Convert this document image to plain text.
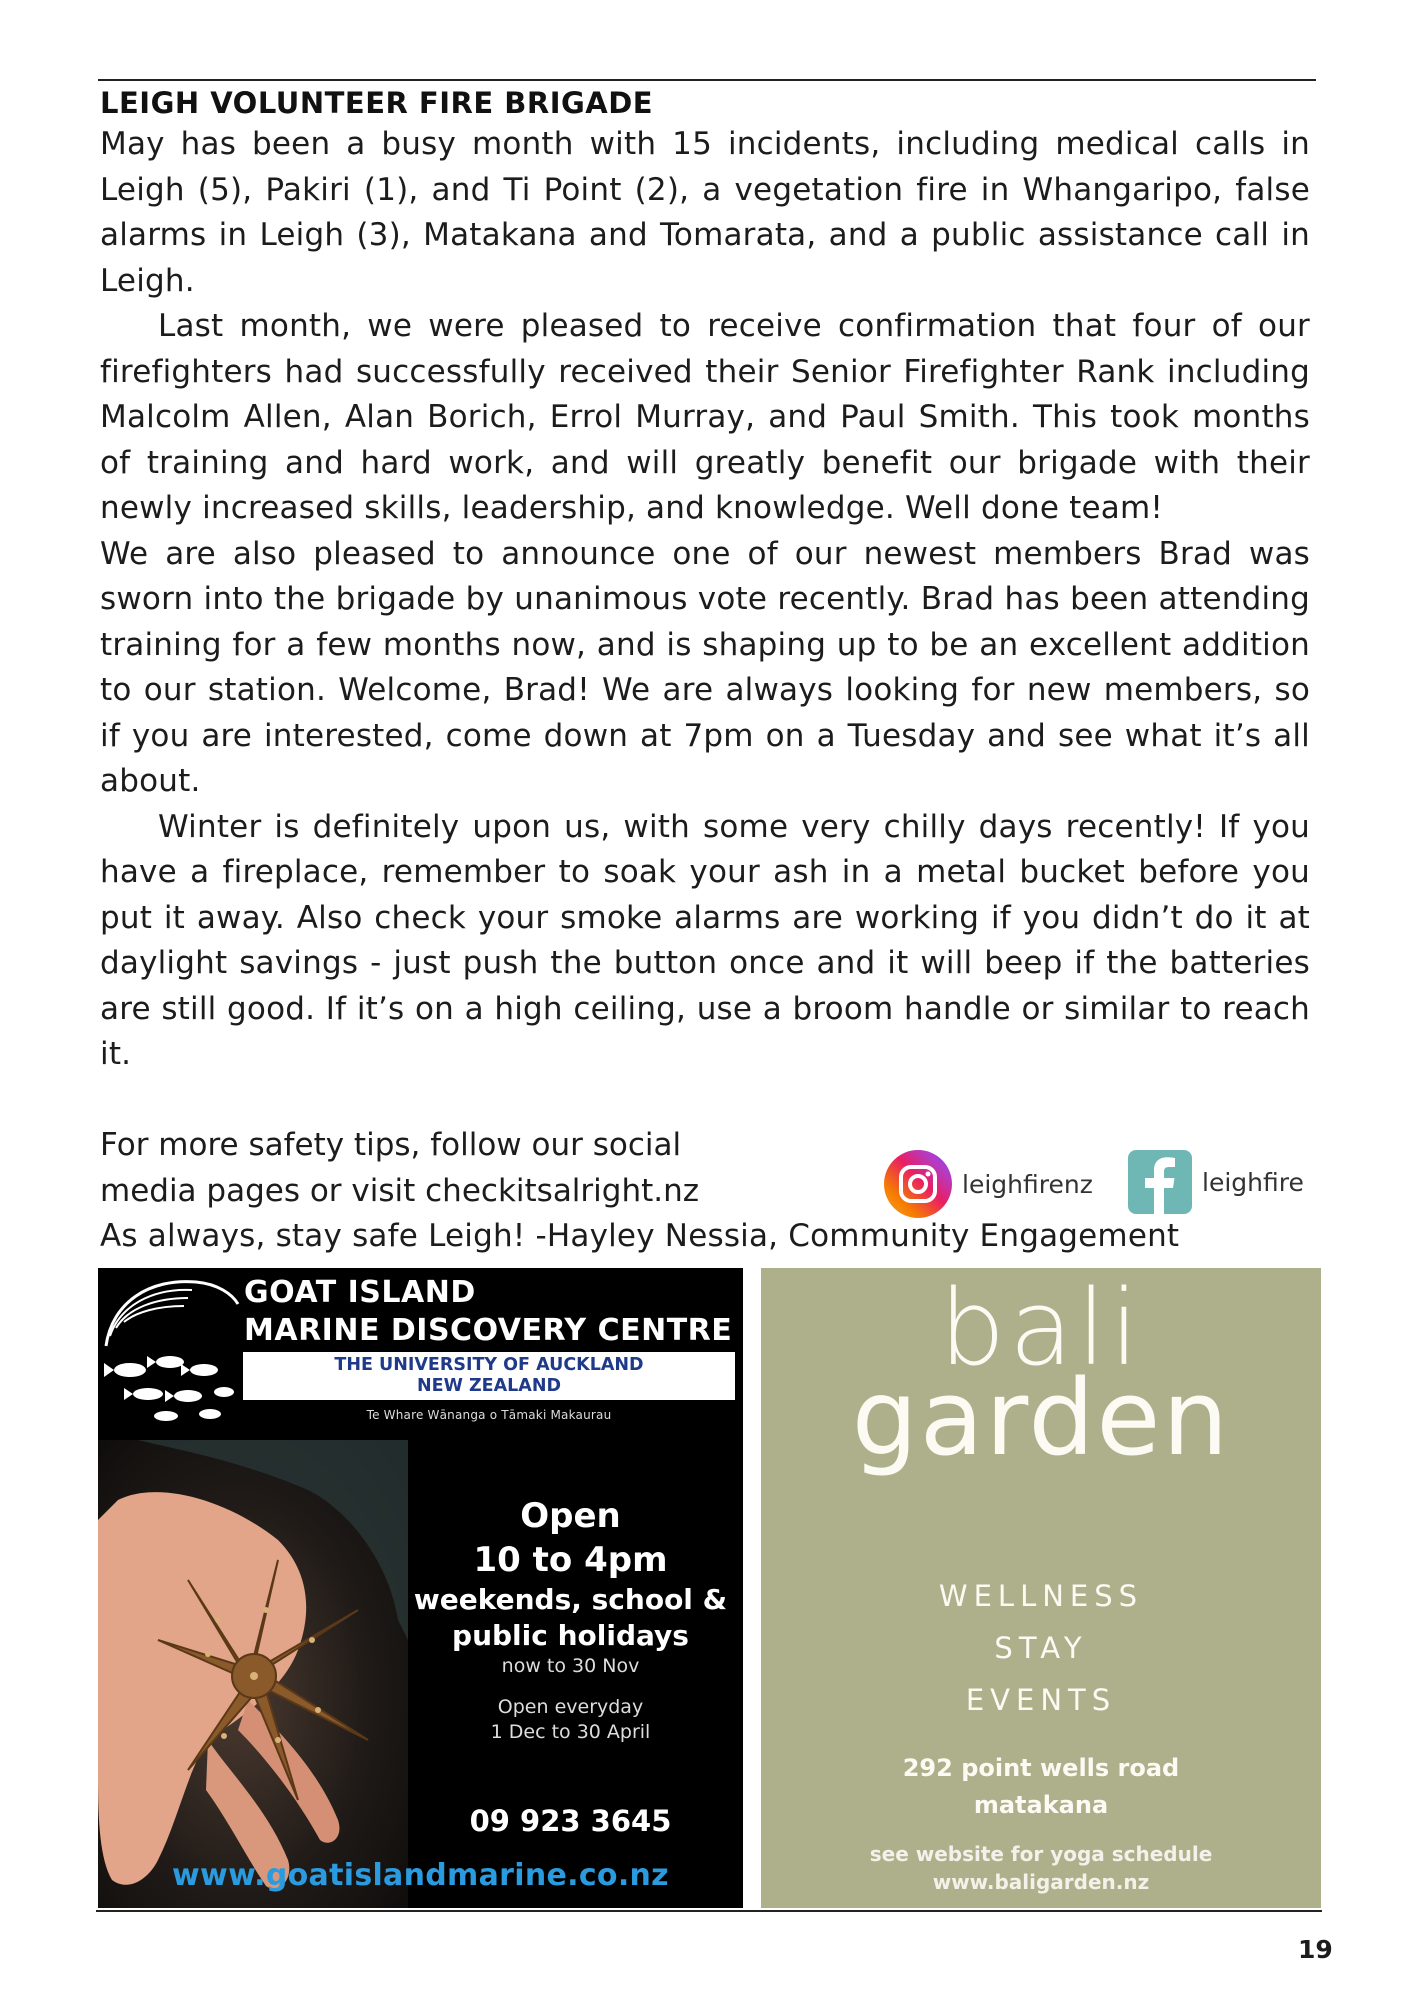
LEIGH VOLUNTEER FIRE BRIGADE

May has been a busy month with 15 incidents, including medical calls in Leigh (5), Pakiri (1), and Ti Point (2), a vegetation fire in Whangaripo, false alarms in Leigh (3), Matakana and Tomarata, and a public assistance call in Leigh.

Last month, we were pleased to receive confirmation that four of our firefighters had successfully received their Senior Firefighter Rank including Malcolm Allen, Alan Borich, Errol Murray, and Paul Smith. This took months of training and hard work, and will greatly benefit our brigade with their newly increased skills, leadership, and knowledge. Well done team!

We are also pleased to announce one of our newest members Brad was sworn into the brigade by unanimous vote recently. Brad has been attending training for a few months now, and is shaping up to be an excellent addition to our station. Welcome, Brad! We are always looking for new members, so if you are interested, come down at 7pm on a Tuesday and see what it’s all about.

Winter is definitely upon us, with some very chilly days recently! If you have a fireplace, remember to soak your ash in a metal bucket before you put it away. Also check your smoke alarms are working if you didn’t do it at daylight savings - just push the button once and it will beep if the batteries are still good. If it’s on a high ceiling, use a broom handle or similar to reach it.

For more safety tips, follow our social
media pages or visit checkitsalright.nz	leighfirenz	leighfire
As always, stay safe Leigh! -Hayley Nessia, Community Engagement
GOAT ISLAND
MARINE DISCOVERY CENTRE
THE UNIVERSITY OF AUCKLAND
NEW ZEALAND
Te Whare Wānanga o Tāmaki Makaurau
Open
10 to 4pm
weekends, school &
public holidays
now to 30 Nov
Open everyday
1 Dec to 30 April
09 923 3645
www.goatislandmarine.co.nz
bali
garden
WELLNESS
STAY
EVENTS
292 point wells road
matakana
see website for yoga schedule
www.baligarden.nz
19
